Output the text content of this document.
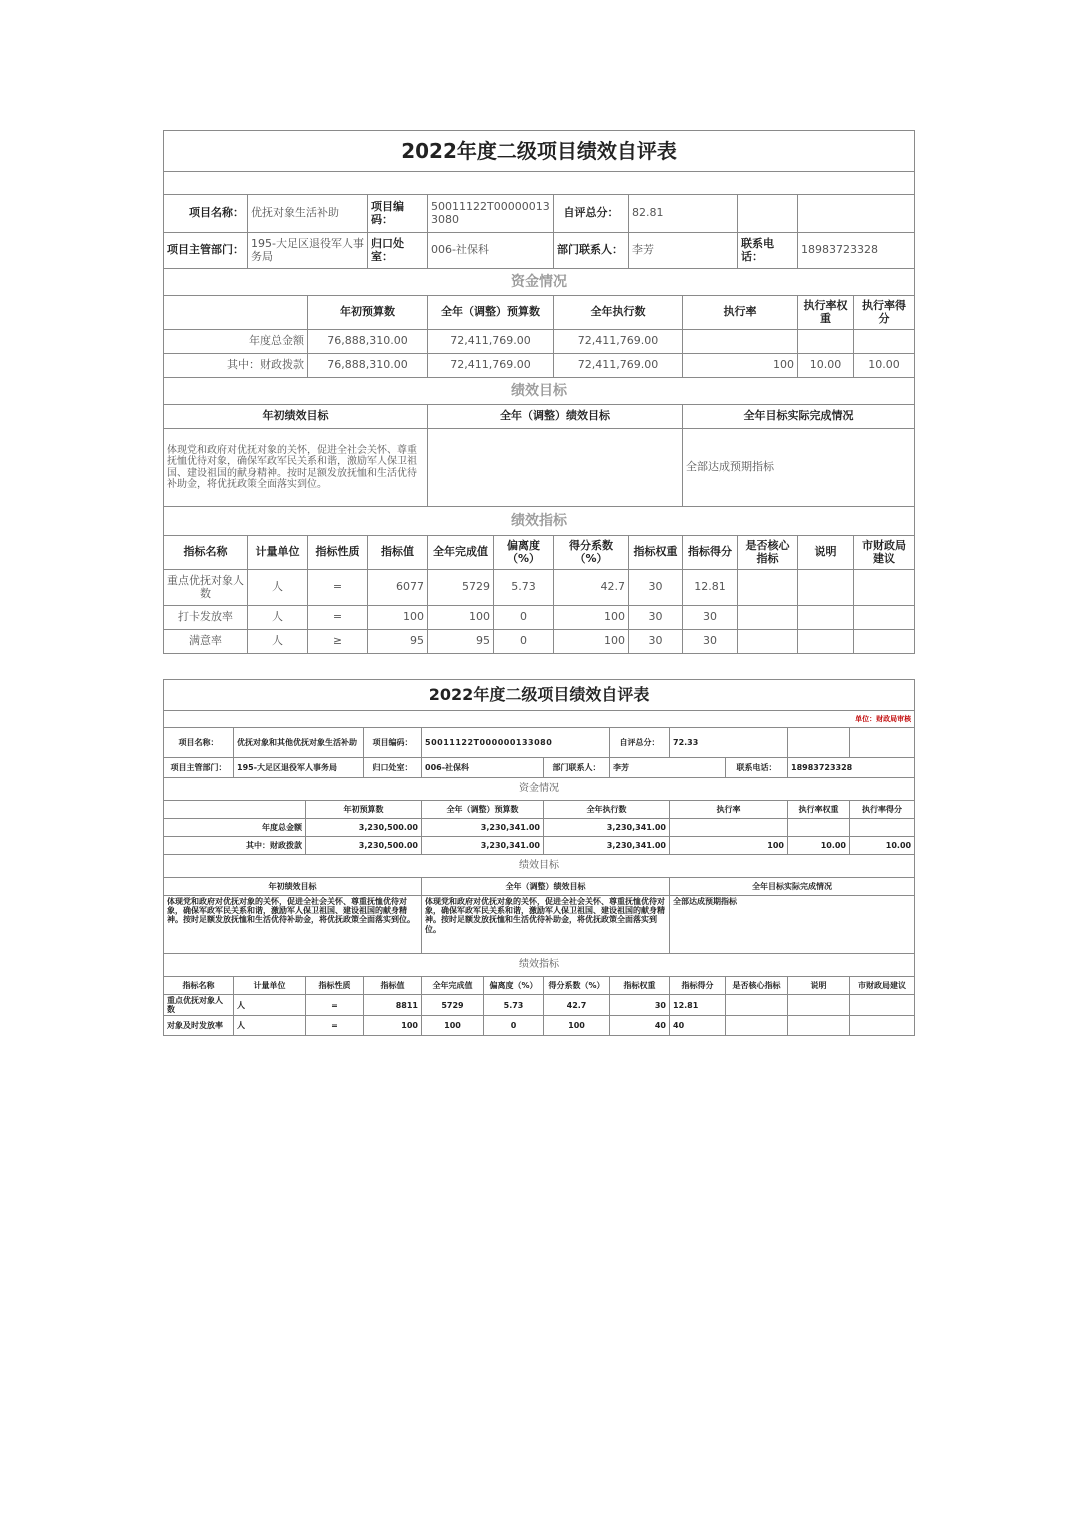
2022年度二级项目绩效自评表											

项目名称：	优抚对象生活补助		项目编码：	50011122T000000133080		自评总分：	82.81				
项目主管部门：	195-大足区退役军人事务局		归口处室：	006-社保科		部门联系人：	李芳		联系电话：	18983723328	
资金情况											
		年初预算数		全年（调整）预算数		全年执行数		执行率		执行率权重	执行率得分
年度总金额		76,888,310.00		72,411,769.00		72,411,769.00					
其中：财政拨款		76,888,310.00		72,411,769.00		72,411,769.00		100		10.00	10.00
绩效目标											
年初绩效目标				全年（调整）绩效目标				全年目标实际完成情况			
体现党和政府对优抚对象的关怀，促进全社会关怀、尊重抚恤优待对象，确保军政军民关系和谐，激励军人保卫祖国、建设祖国的献身精神。按时足额发放抚恤和生活优待补助金，将优抚政策全面落实到位。								全部达成预期指标			
绩效指标											
指标名称	计量单位	指标性质	指标值	全年完成值	偏离度（%）	得分系数（%）	指标权重	指标得分	是否核心指标	说明	市财政局建议
重点优抚对象人数	人	=	6077	5729	5.73	42.7	30	12.81			
打卡发放率	人	=	100	100	0	100	30	30			
满意率	人	≥	95	95	0	100	30	30			
2022年度二级项目绩效自评表											
单位：财政局审核											
项目名称：	优抚对象和其他优抚对象生活补助		项目编码：	50011122T000000133080			自评总分：	72.33			
项目主管部门：	195-大足区退役军人事务局		归口处室：	006-社保科		部门联系人：	李芳		联系电话：	18983723328	
资金情况											
		年初预算数		全年（调整）预算数		全年执行数		执行率		执行率权重	执行率得分
年度总金额		3,230,500.00		3,230,341.00		3,230,341.00					
其中：财政拨款		3,230,500.00		3,230,341.00		3,230,341.00		100		10.00	10.00
绩效目标											
年初绩效目标				全年（调整）绩效目标				全年目标实际完成情况			
体现党和政府对优抚对象的关怀，促进全社会关怀、尊重抚恤优待对象，确保军政军民关系和谐，激励军人保卫祖国、建设祖国的献身精神。按时足额发放抚恤和生活优待补助金，将优抚政策全面落实到位。				体现党和政府对优抚对象的关怀，促进全社会关怀、尊重抚恤优待对象，确保军政军民关系和谐，激励军人保卫祖国、建设祖国的献身精神。按时足额发放抚恤和生活优待补助金，将优抚政策全面落实到位。				全部达成预期指标			
绩效指标											
指标名称	计量单位	指标性质	指标值	全年完成值	偏离度（%）	得分系数（%）	指标权重	指标得分	是否核心指标	说明	市财政局建议
重点优抚对象人数	人	=	8811	5729	5.73	42.7	30	12.81			
对象及时发放率	人	=	100	100	0	100	40	40			
